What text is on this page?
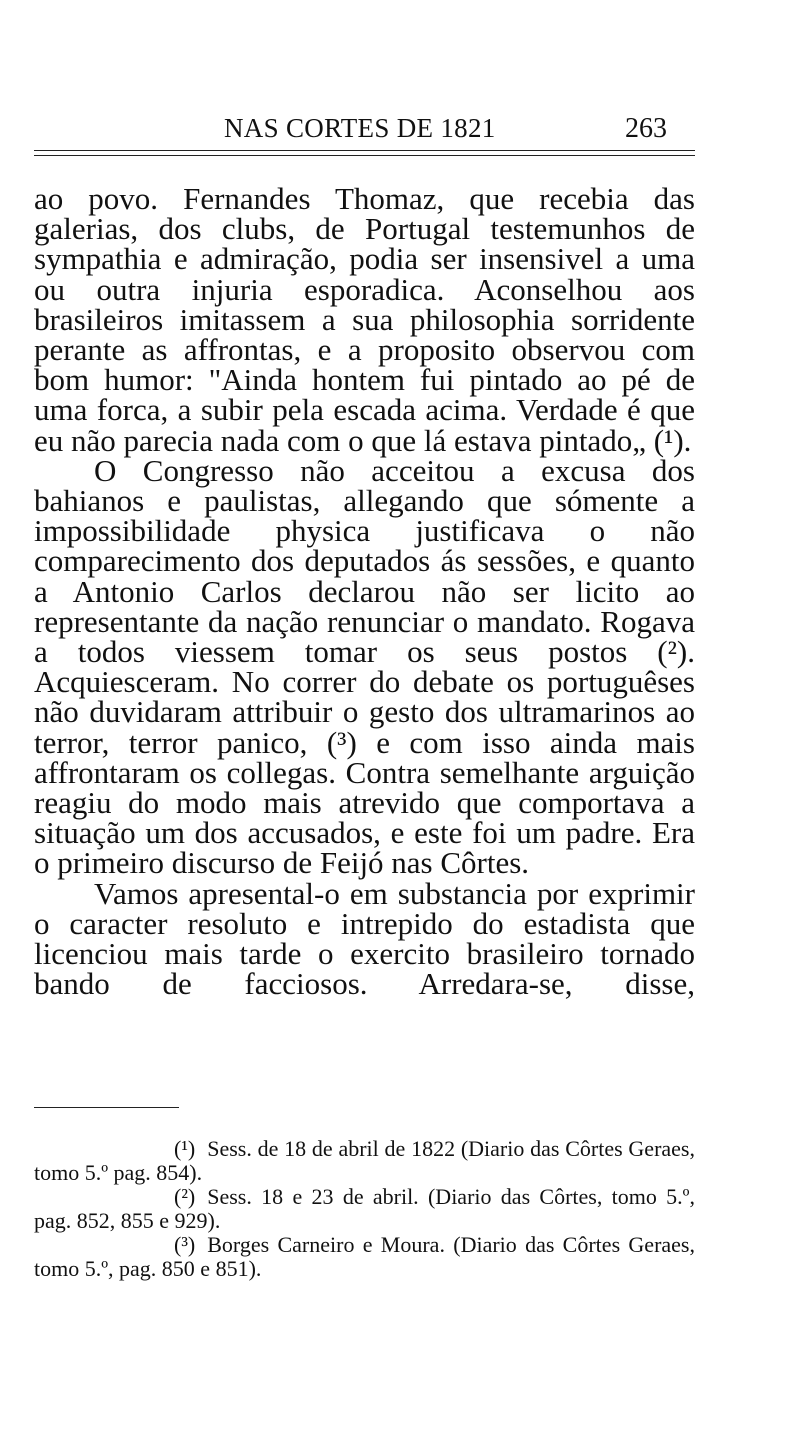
NAS CORTES DE 1821	263

ao povo. Fernandes Thomaz, que recebia das galerias, dos clubs, de Portugal testemunhos de sympathia e admiração, podia ser insensivel a uma ou outra injuria esporadica. Aconselhou aos brasileiros imitassem a sua philosophia sorridente perante as affrontas, e a proposito observou com bom humor: "Ainda hontem fui pintado ao pé de uma forca, a subir pela escada acima. Verdade é que eu não parecia nada com o que lá estava pintado„ (¹).

O Congresso não acceitou a excusa dos bahianos e paulistas, allegando que sómente a impossibilidade physica justificava o não comparecimento dos deputados ás sessões, e quanto a Antonio Carlos declarou não ser licito ao representante da nação renunciar o mandato. Rogava a todos viessem tomar os seus postos (²). Acquiesceram. No correr do debate os portuguêses não duvidaram attribuir o gesto dos ultramarinos ao terror, terror panico, (³) e com isso ainda mais affrontaram os collegas. Contra semelhante arguição reagiu do modo mais atrevido que comportava a situação um dos accusados, e este foi um padre. Era o primeiro discurso de Feijó nas Côrtes.

Vamos apresental-o em substancia por exprimir o caracter resoluto e intrepido do estadista que licenciou mais tarde o exercito brasileiro tornado bando de facciosos. Arredara-se, disse,

(¹) Sess. de 18 de abril de 1822 (Diario das Côrtes Geraes, tomo 5.º pag. 854).

(²) Sess. 18 e 23 de abril. (Diario das Côrtes, tomo 5.º, pag. 852, 855 e 929).

(³) Borges Carneiro e Moura. (Diario das Côrtes Geraes, tomo 5.º, pag. 850 e 851).
